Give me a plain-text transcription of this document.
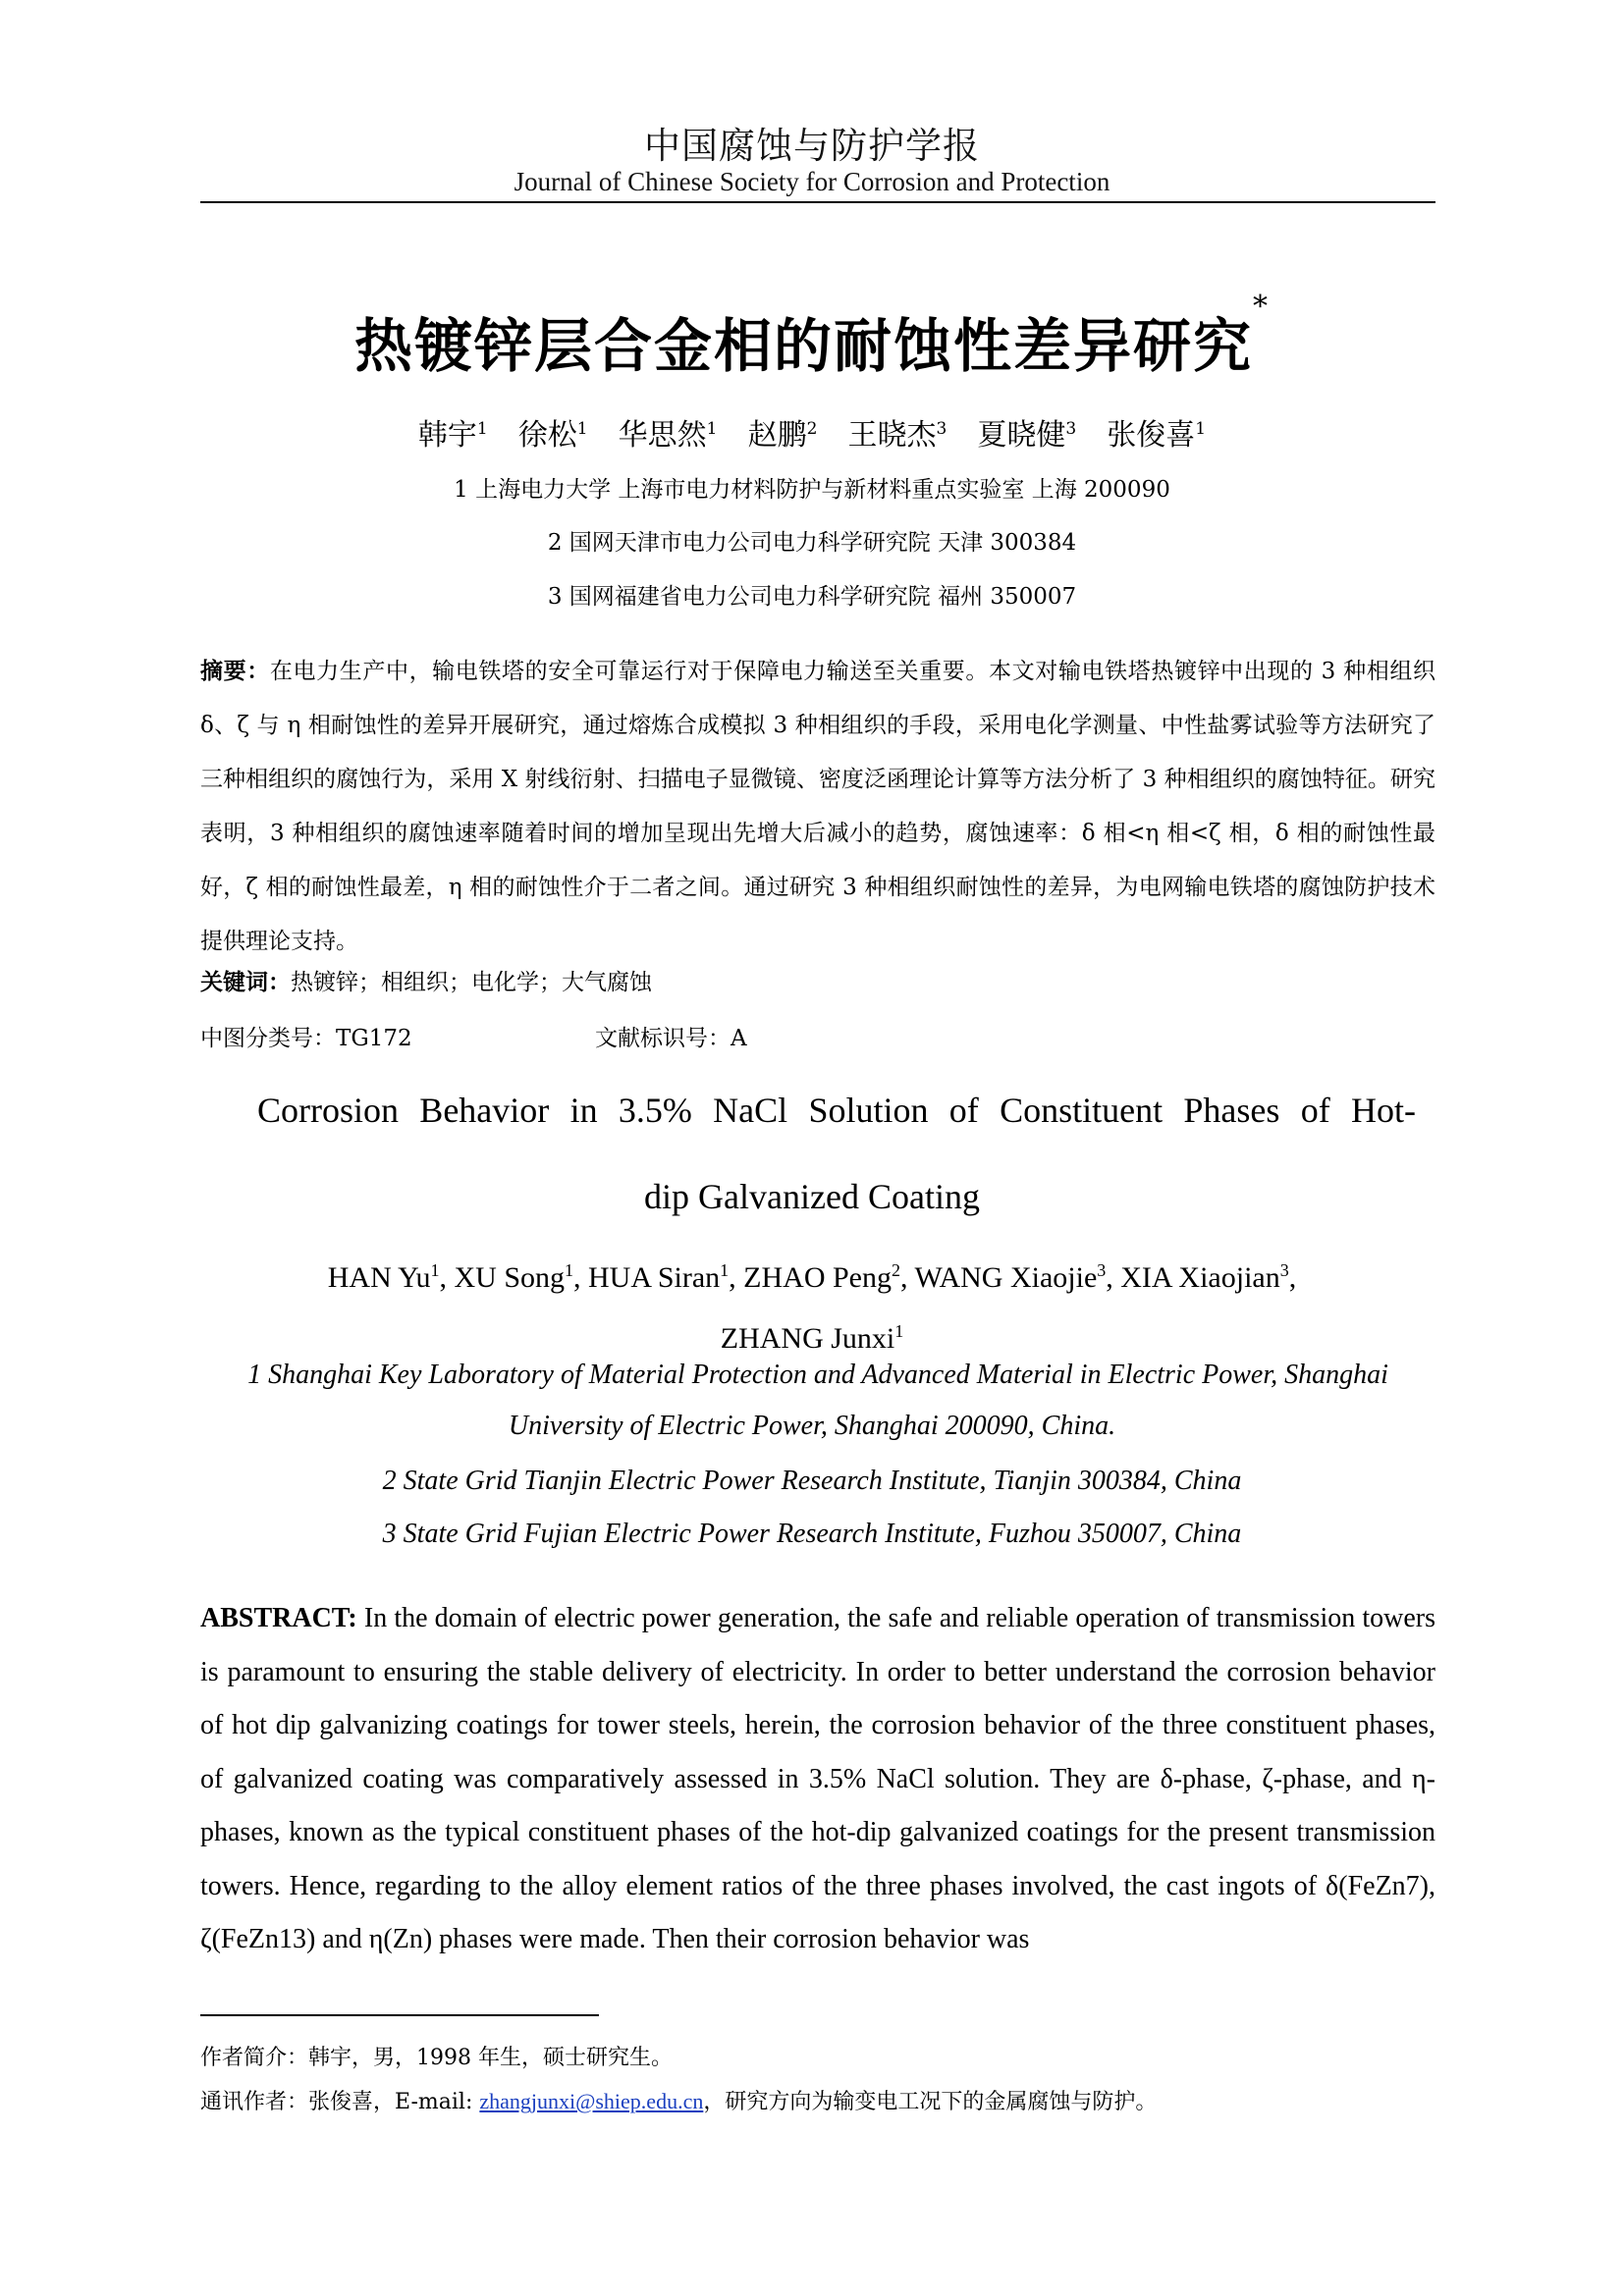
中国腐蚀与防护学报
Journal of Chinese Society for Corrosion and Protection
热镀锌层合金相的耐蚀性差异研究*
韩宇$^1$ 徐松$^1$ 华思然$^1$ 赵鹏$^2$ 王晓杰$^3$ 夏晓健$^3$ 张俊喜$^1$
1 上海电力大学 上海市电力材料防护与新材料重点实验室 上海 200090
2 国网天津市电力公司电力科学研究院 天津 300384
3 国网福建省电力公司电力科学研究院 福州 350007
摘要：在电力生产中，输电铁塔的安全可靠运行对于保障电力输送至关重要。本文对输电铁塔热镀锌中出现的 3 种相组织 δ、ζ 与 η 相耐蚀性的差异开展研究，通过熔炼合成模拟 3 种相组织的手段，采用电化学测量、中性盐雾试验等方法研究了三种相组织的腐蚀行为，采用 X 射线衍射、扫描电子显微镜、密度泛函理论计算等方法分析了 3 种相组织的腐蚀特征。研究表明，3 种相组织的腐蚀速率随着时间的增加呈现出先增大后减小的趋势，腐蚀速率：δ 相<η 相<ζ 相，δ 相的耐蚀性最好，ζ 相的耐蚀性最差，η 相的耐蚀性介于二者之间。通过研究 3 种相组织耐蚀性的差异，为电网输电铁塔的腐蚀防护技术提供理论支持。
关键词：热镀锌；相组织；电化学；大气腐蚀
中图分类号：TG172	文献标识号：A
Corrosion Behavior in 3.5% NaCl Solution of Constituent Phases of Hot-
dip Galvanized Coating
HAN Yu$^1$, XU Song$^1$, HUA Siran$^1$, ZHAO Peng$^2$, WANG Xiaojie$^3$, XIA Xiaojian$^3$,
ZHANG Junxi$^1$
1 Shanghai Key Laboratory of Material Protection and Advanced Material in Electric Power, Shanghai
University of Electric Power, Shanghai 200090, China.
2 State Grid Tianjin Electric Power Research Institute, Tianjin 300384, China
3 State Grid Fujian Electric Power Research Institute, Fuzhou 350007, China
ABSTRACT: In the domain of electric power generation, the safe and reliable operation of transmission towers is paramount to ensuring the stable delivery of electricity. In order to better understand the corrosion behavior of hot dip galvanizing coatings for tower steels, herein, the corrosion behavior of the three constituent phases, of galvanized coating was comparatively assessed in 3.5% NaCl solution. They are δ-phase, ζ-phase, and η- phases, known as the typical constituent phases of the hot-dip galvanized coatings for the present transmission towers. Hence, regarding to the alloy element ratios of the three phases involved, the cast ingots of δ(FeZn7), ζ(FeZn13) and η(Zn) phases were made. Then their corrosion behavior was
作者简介：韩宇，男，1998 年生，硕士研究生。
通讯作者：张俊喜，E-mail: zhangjunxi@shiep.edu.cn，研究方向为输变电工况下的金属腐蚀与防护。
